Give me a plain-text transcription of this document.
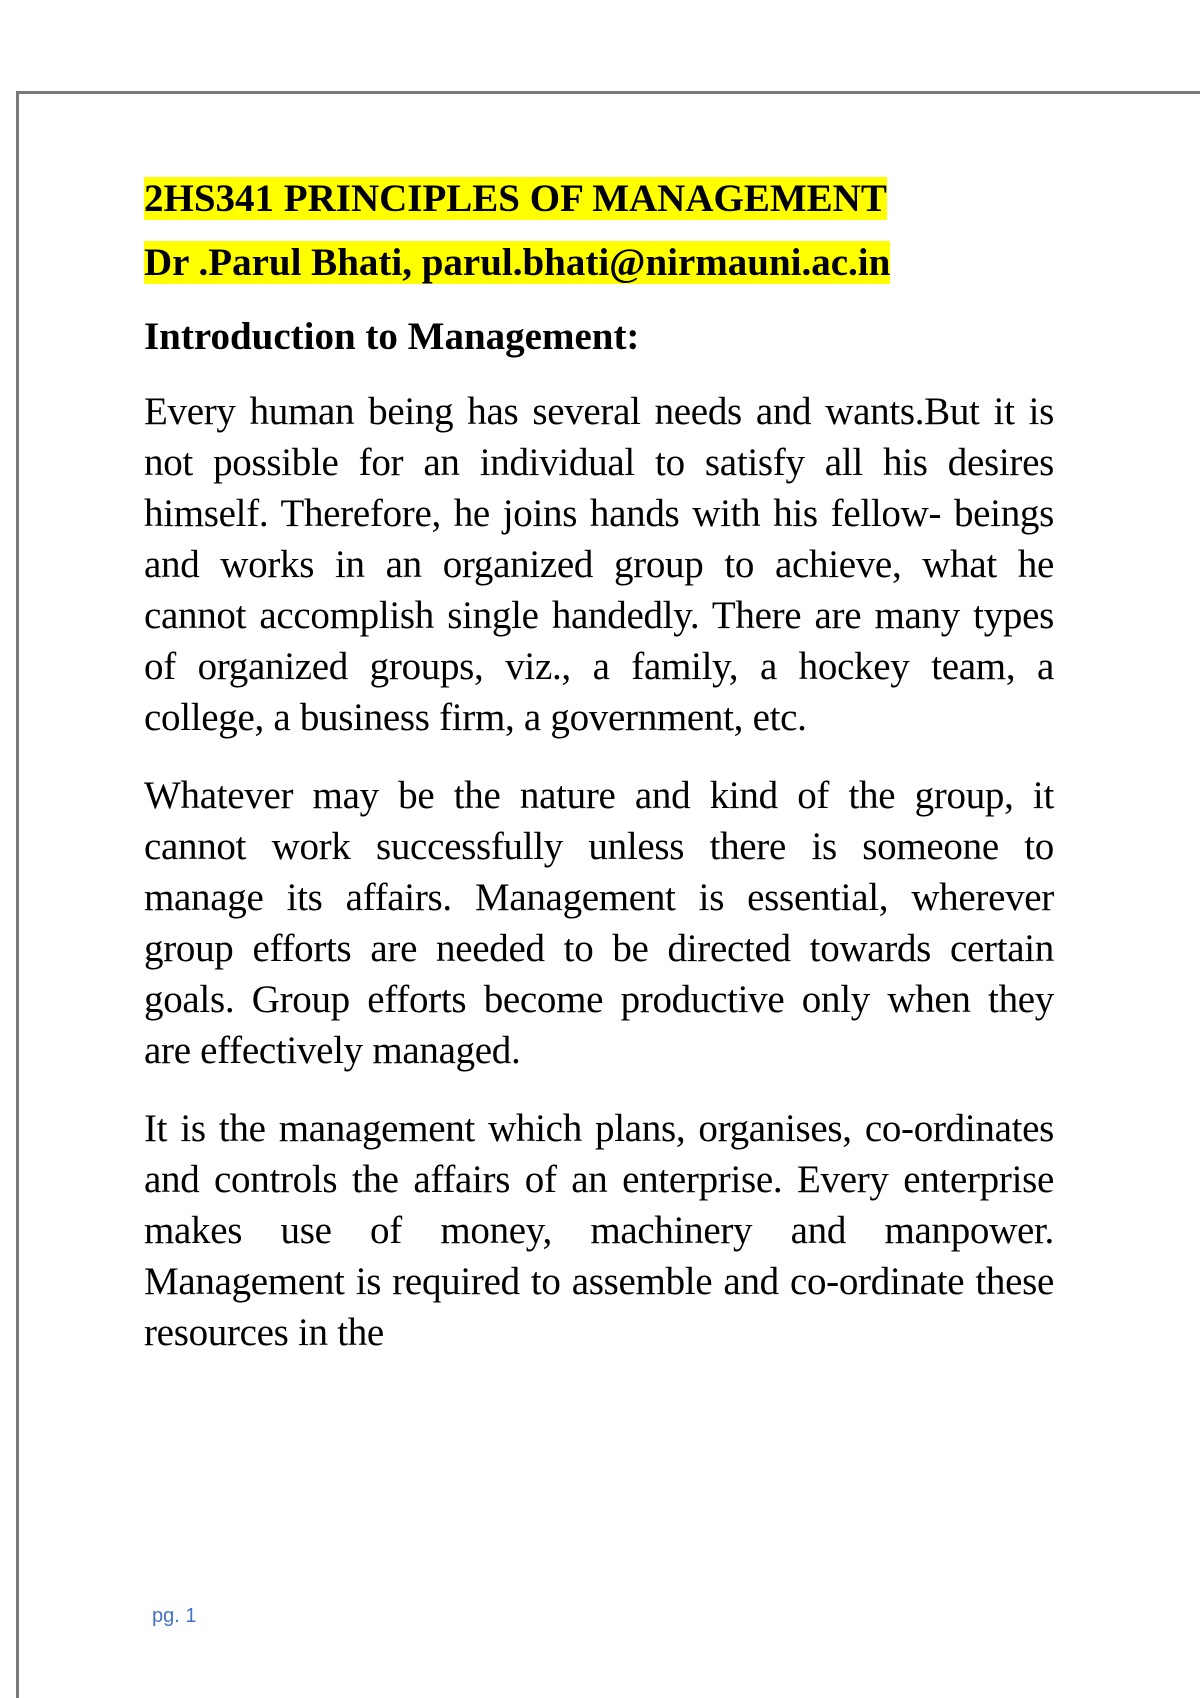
2HS341 PRINCIPLES OF MANAGEMENT
Dr .Parul Bhati, parul.bhati@nirmauni.ac.in
Introduction to Management:

Every human being has several needs and wants.But it is not possible for an individual to satisfy all his desires himself. Therefore, he joins hands with his fellow- beings and works in an organized group to achieve, what he cannot accomplish single handedly. There are many types of organized groups, viz., a family, a hockey team, a college, a business firm, a government, etc.

Whatever may be the nature and kind of the group, it cannot work successfully unless there is someone to manage its affairs. Management is essential, wherever group efforts are needed to be directed towards certain goals. Group efforts become productive only when they are effectively managed.

It is the management which plans, organises, co-ordinates and controls the affairs of an enterprise. Every enterprise makes use of money, machinery and manpower. Management is required to assemble and co-ordinate these resources in the

pg. 1
